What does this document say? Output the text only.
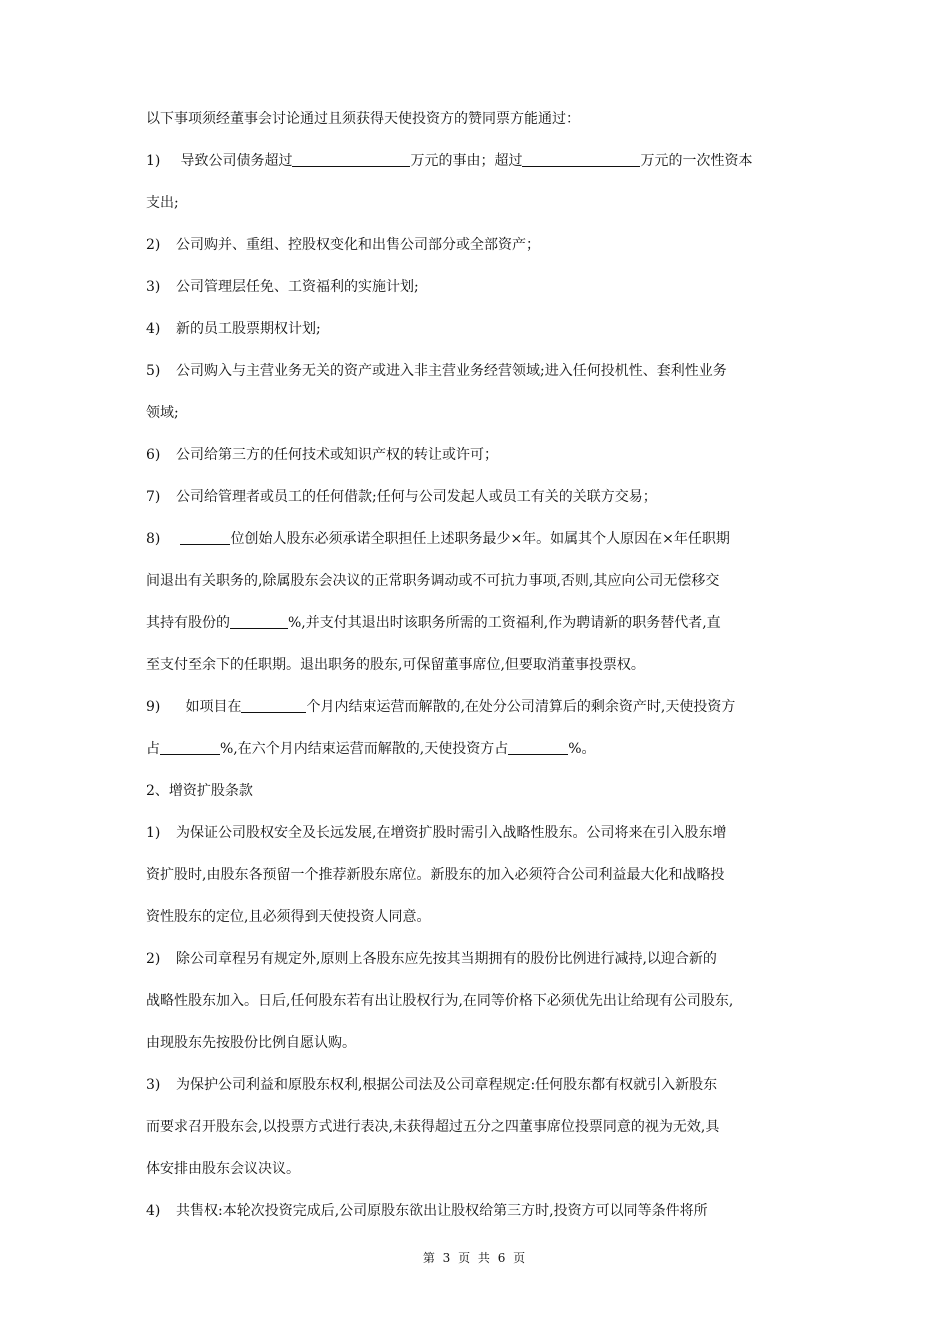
以下事项须经董事会讨论通过且须获得天使投资方的赞同票方能通过：

1) 导致公司债务超过	万元的事由；超过	万元的一次性资本

支出;

2) 公司购并、重组、控股权变化和出售公司部分或全部资产；

3) 公司管理层任免、工资福利的实施计划;

4) 新的员工股票期权计划;

5) 公司购入与主营业务无关的资产或进入非主营业务经营领域;进入任何投机性、套利性业务

领域;

6) 公司给第三方的任何技术或知识产权的转让或许可；

7) 公司给管理者或员工的任何借款;任何与公司发起人或员工有关的关联方交易；

8)	位创始人股东必须承诺全职担任上述职务最少×年。如属其个人原因在×年任职期

间退出有关职务的,除属股东会决议的正常职务调动或不可抗力事项,否则,其应向公司无偿移交

其持有股份的	%,并支付其退出时该职务所需的工资福利,作为聘请新的职务替代者,直

至支付至余下的任职期。退出职务的股东,可保留董事席位,但要取消董事投票权。

9) 如项目在	个月内结束运营而解散的,在处分公司清算后的剩余资产时,天使投资方

占	%,在六个月内结束运营而解散的,天使投资方占	%。

2、增资扩股条款

1) 为保证公司股权安全及长远发展,在增资扩股时需引入战略性股东。公司将来在引入股东增

资扩股时,由股东各预留一个推荐新股东席位。新股东的加入必须符合公司利益最大化和战略投

资性股东的定位,且必须得到天使投资人同意。

2) 除公司章程另有规定外,原则上各股东应先按其当期拥有的股份比例进行减持,以迎合新的

战略性股东加入。日后,任何股东若有出让股权行为,在同等价格下必须优先出让给现有公司股东,

由现股东先按股份比例自愿认购。

3) 为保护公司利益和原股东权利,根据公司法及公司章程规定:任何股东都有权就引入新股东

而要求召开股东会,以投票方式进行表决,未获得超过五分之四董事席位投票同意的视为无效,具

体安排由股东会议决议。

4) 共售权:本轮次投资完成后,公司原股东欲出让股权给第三方时,投资方可以同等条件将所

第 3 页 共 6 页
